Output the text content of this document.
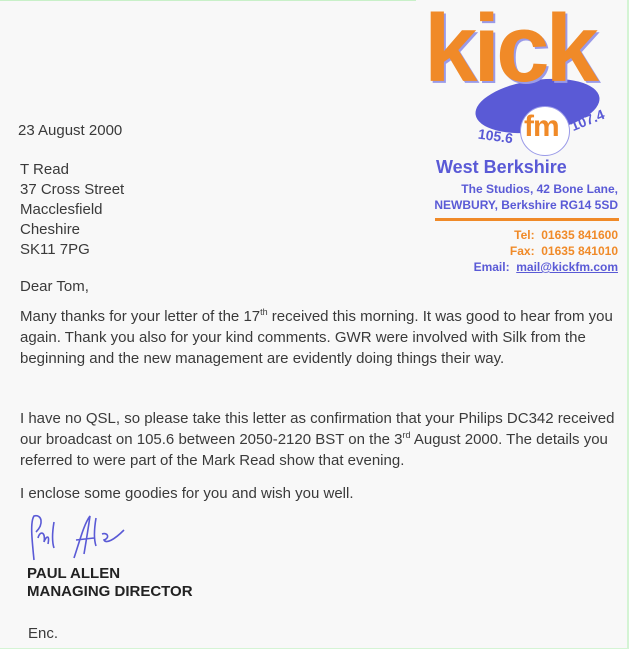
kick
fm
105.6
107.4
West Berkshire
The Studios, 42 Bone Lane,
NEWBURY, Berkshire RG14 5SD
Tel: 01635 841600
Fax: 01635 841010
Email: mail@kickfm.com
23 August 2000
T Read
37 Cross Street
Macclesfield
Cheshire
SK11 7PG
Dear Tom,
Many thanks for your letter of the 17th received this morning. It was good to hear from you again. Thank you also for your kind comments. GWR were involved with Silk from the beginning and the new management are evidently doing things their way.
I have no QSL, so please take this letter as confirmation that your Philips DC342 received our broadcast on 105.6 between 2050-2120 BST on the 3rd August 2000. The details you referred to were part of the Mark Read show that evening.
I enclose some goodies for you and wish you well.
PAUL ALLEN
MANAGING DIRECTOR
Enc.
